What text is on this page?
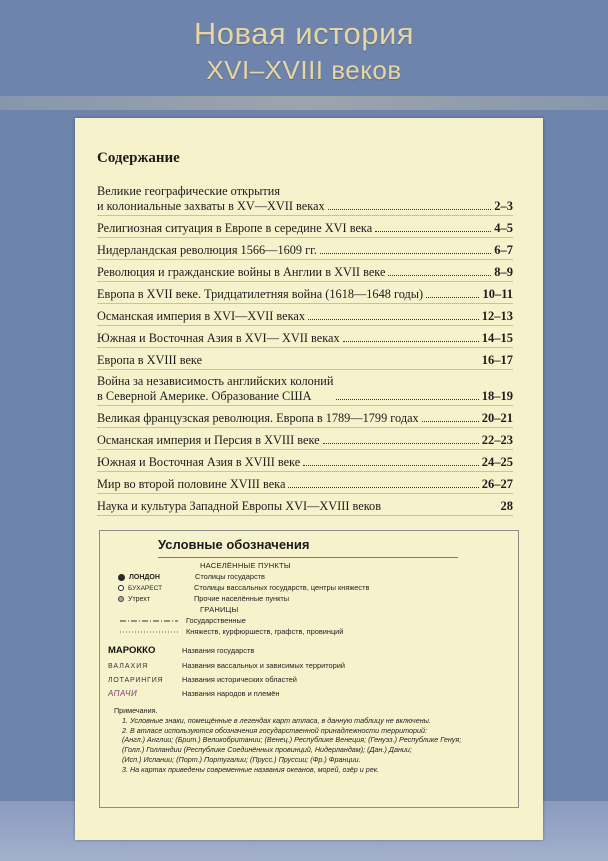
Новая история
XVI–XVIII веков
Содержание
Великие географические открытия
и колониальные захваты в XV—XVII веках	2–3
Религиозная ситуация в Европе в середине XVI века	4–5
Нидерландская революция 1566—1609 гг.	6–7
Революция и гражданские войны в Англии в XVII веке	8–9
Европа в XVII веке. Тридцатилетняя война (1618—1648 годы)	10–11
Османская империя в XVI—XVII веках	12–13
Южная и Восточная Азия в XVI— XVII веках	14–15
Европа в XVIII веке	16–17
Война за независимость английских колоний
в Северной Америке. Образование США	18–19
Великая французская революция. Европа в 1789—1799 годах	20–21
Османская империя и Персия в XVIII веке	22–23
Южная и Восточная Азия в XVIII веке	24–25
Мир во второй половине XVIII века	26–27
Наука и культура Западной Европы XVI—XVIII веков	28
Условные обозначения
НАСЕЛЁННЫЕ ПУНКТЫ
ЛОНДОН	Столицы государств
БУХАРЕСТ	Столицы вассальных государств, центры княжеств
Утрехт	Прочие населённые пункты
ГРАНИЦЫ
Государственные
Княжеств, курфюршеств, графств, провинций
МАРОККО	Названия государств
ВАЛАХИЯ	Названия вассальных и зависимых территорий
ЛОТАРИНГИЯ	Названия исторических областей
АПАЧИ	Названия народов и племён
Примечания.
1. Условные знаки, помещённые в легендах карт атласа, в данную таблицу не включены.
2. В атласе используются обозначения государственной принадлежности территорий:
(Англ.) Англии; (Брит.) Великобритании; (Венец.) Республике Венеция; (Генуэз.) Республике Генуя;
(Голл.) Голландии (Республике Соединённых провинций, Нидерландам); (Дан.) Дании;
(Исп.) Испании; (Порт.) Португалии; (Прусс.) Пруссии; (Фр.) Франции.
3. На картах приведены современные названия океанов, морей, озёр и рек.
